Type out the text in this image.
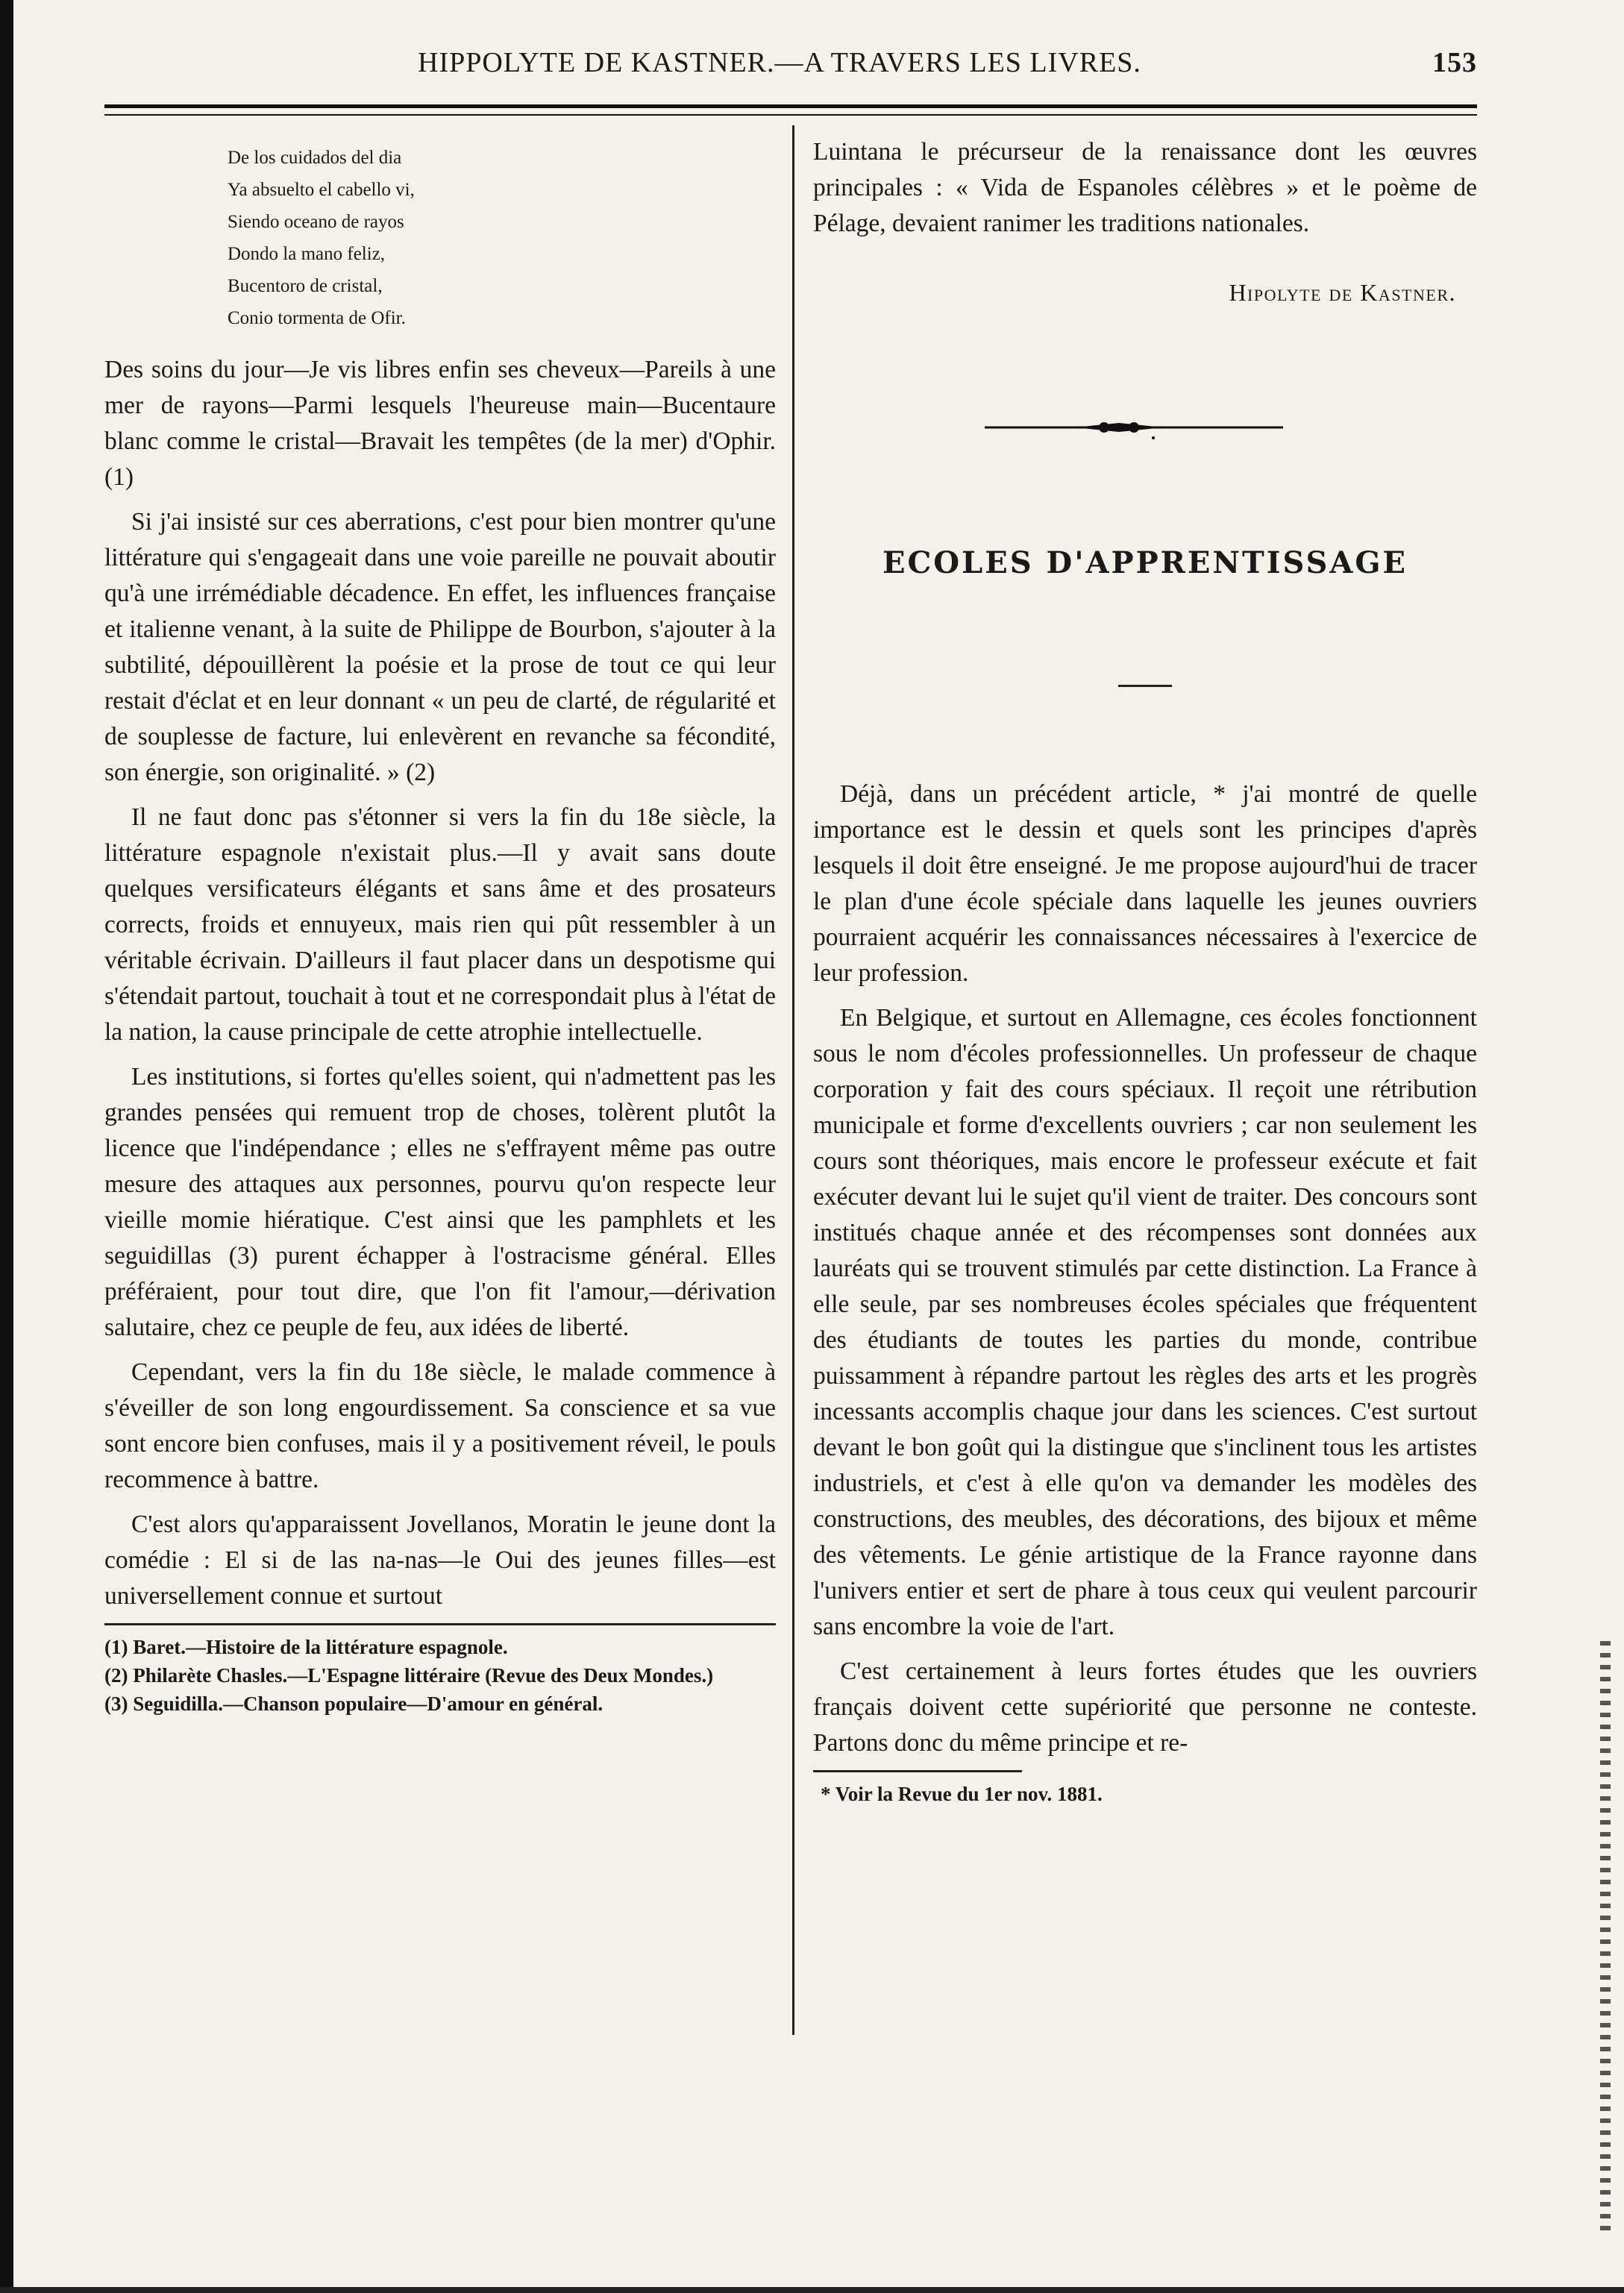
HIPPOLYTE DE KASTNER.—A TRAVERS LES LIVRES.	153
De los cuidados del dia
Ya absuelto el cabello vi,
Siendo oceano de rayos
Dondo la mano feliz,
Bucentoro de cristal,
Conio tormenta de Ofir.

Des soins du jour—Je vis libres enfin ses cheveux—Pareils à une mer de rayons—Parmi lesquels l'heureuse main—Bucentaure blanc comme le cristal—Bravait les tempêtes (de la mer) d'Ophir. (1)

Si j'ai insisté sur ces aberrations, c'est pour bien montrer qu'une littérature qui s'engageait dans une voie pareille ne pouvait aboutir qu'à une irrémédiable décadence. En effet, les influences française et italienne venant, à la suite de Philippe de Bourbon, s'ajouter à la subtilité, dépouillèrent la poésie et la prose de tout ce qui leur restait d'éclat et en leur donnant « un peu de clarté, de régularité et de souplesse de facture, lui enlevèrent en revanche sa fécondité, son énergie, son originalité. » (2)

Il ne faut donc pas s'étonner si vers la fin du 18e siècle, la littérature espagnole n'existait plus.—Il y avait sans doute quelques versificateurs élégants et sans âme et des prosateurs corrects, froids et ennuyeux, mais rien qui pût ressembler à un véritable écrivain. D'ailleurs il faut placer dans un despotisme qui s'étendait partout, touchait à tout et ne correspondait plus à l'état de la nation, la cause principale de cette atrophie intellectuelle.

Les institutions, si fortes qu'elles soient, qui n'admettent pas les grandes pensées qui remuent trop de choses, tolèrent plutôt la licence que l'indépendance ; elles ne s'effrayent même pas outre mesure des attaques aux personnes, pourvu qu'on respecte leur vieille momie hiératique. C'est ainsi que les pamphlets et les seguidillas (3) purent échapper à l'ostracisme général. Elles préféraient, pour tout dire, que l'on fit l'amour,—dérivation salutaire, chez ce peuple de feu, aux idées de liberté.

Cependant, vers la fin du 18e siècle, le malade commence à s'éveiller de son long engourdissement. Sa conscience et sa vue sont encore bien confuses, mais il y a positivement réveil, le pouls recommence à battre.

C'est alors qu'apparaissent Jovellanos, Moratin le jeune dont la comédie : El si de las na-nas—le Oui des jeunes filles—est universellement connue et surtout

(1) Baret.—Histoire de la littérature espagnole.

(2) Philarète Chasles.—L'Espagne littéraire (Revue des Deux Mondes.)

(3) Seguidilla.—Chanson populaire—D'amour en général.

Luintana le précurseur de la renaissance dont les œuvres principales : « Vida de Espanoles célèbres » et le poème de Pélage, devaient ranimer les traditions nationales.

Hipolyte de Kastner.
ECOLES D'APPRENTISSAGE

Déjà, dans un précédent article, * j'ai montré de quelle importance est le dessin et quels sont les principes d'après lesquels il doit être enseigné. Je me propose aujourd'hui de tracer le plan d'une école spéciale dans laquelle les jeunes ouvriers pourraient acquérir les connaissances nécessaires à l'exercice de leur profession.

En Belgique, et surtout en Allemagne, ces écoles fonctionnent sous le nom d'écoles professionnelles. Un professeur de chaque corporation y fait des cours spéciaux. Il reçoit une rétribution municipale et forme d'excellents ouvriers ; car non seulement les cours sont théoriques, mais encore le professeur exécute et fait exécuter devant lui le sujet qu'il vient de traiter. Des concours sont institués chaque année et des récompenses sont données aux lauréats qui se trouvent stimulés par cette distinction. La France à elle seule, par ses nombreuses écoles spéciales que fréquentent des étudiants de toutes les parties du monde, contribue puissamment à répandre partout les règles des arts et les progrès incessants accomplis chaque jour dans les sciences. C'est surtout devant le bon goût qui la distingue que s'inclinent tous les artistes industriels, et c'est à elle qu'on va demander les modèles des constructions, des meubles, des décorations, des bijoux et même des vêtements. Le génie artistique de la France rayonne dans l'univers entier et sert de phare à tous ceux qui veulent parcourir sans encombre la voie de l'art.

C'est certainement à leurs fortes études que les ouvriers français doivent cette supériorité que personne ne conteste. Partons donc du même principe et re-

* Voir la Revue du 1er nov. 1881.
